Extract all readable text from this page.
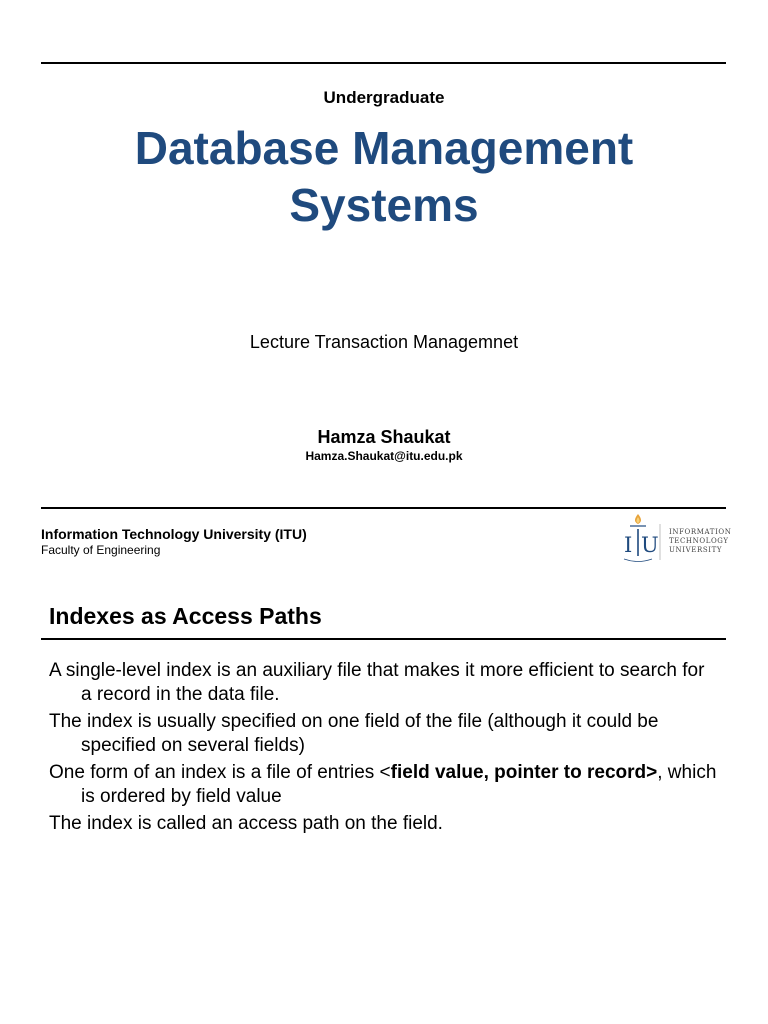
Undergraduate
Database Management
Systems
Lecture Transaction Managemnet
Hamza Shaukat
Hamza.Shaukat@itu.edu.pk
Information Technology University (ITU)
Faculty of Engineering	I U
INFORMATION
TECHNOLOGY
UNIVERSITY
Indexes as Access Paths
A single-level index is an auxiliary file that makes it more efficient to search for a record in the data file.
The index is usually specified on one field of the file (although it could be specified on several fields)
One form of an index is a file of entries <field value, pointer to record>, which is ordered by field value
The index is called an access path on the field.
